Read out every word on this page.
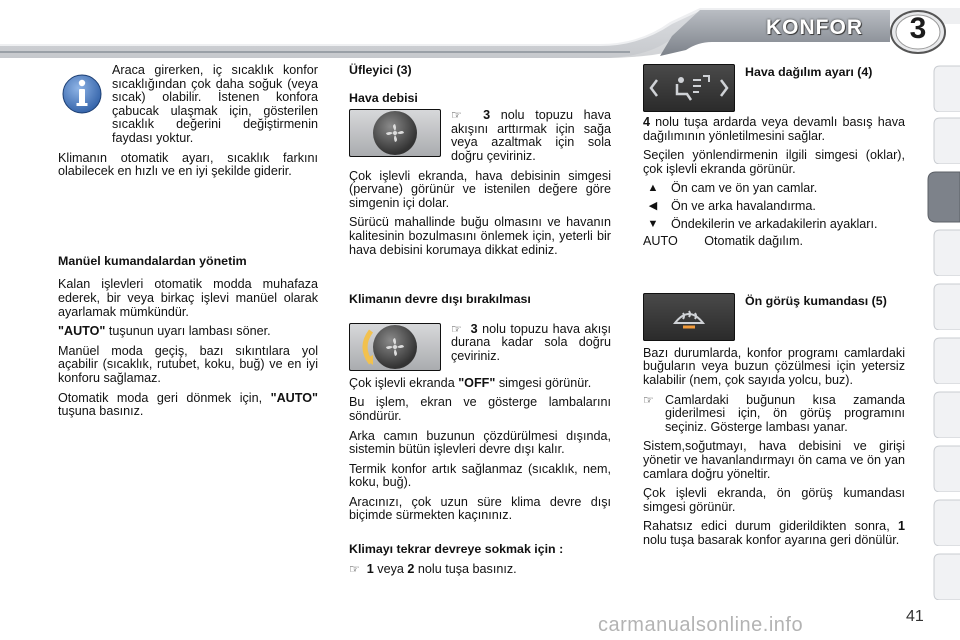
KONFOR	3

Araca girerken, iç sıcaklık konfor sıcaklığından çok daha soğuk (veya sıcak) olabilir. İstenen konfora çabucak ulaşmak için, gösterilen sıcaklık değerini değiştirmenin faydası yoktur.

Klimanın otomatik ayarı, sıcaklık farkını olabilecek en hızlı ve en iyi şekilde giderir.

Manüel kumandalardan yönetim

Kalan işlevleri otomatik modda muhafaza ederek, bir veya birkaç işlevi manüel olarak ayarlamak mümkündür.

"AUTO" tuşunun uyarı lambası söner.

Manüel moda geçiş, bazı sıkıntılara yol açabilir (sıcaklık, rutubet, koku, buğ) ve en iyi konforu sağlamaz.

Otomatik moda geri dönmek için, "AUTO" tuşuna basınız.

Üfleyici (3)
Hava debisi

☞ 3 nolu topuzu hava akışını arttırmak için sağa veya azaltmak için sola doğru çeviriniz.

Çok işlevli ekranda, hava debisinin simgesi (pervane) görünür ve istenilen değere göre simgenin içi dolar.

Sürücü mahallinde buğu olmasını ve havanın kalitesinin bozulmasını önlemek için, yeterli bir hava debisini korumaya dikkat ediniz.

Klimanın devre dışı bırakılması

☞ 3 nolu topuzu hava akışı durana kadar sola doğru çeviriniz.

Çok işlevli ekranda "OFF" simgesi görünür.

Bu işlem, ekran ve gösterge lambalarını söndürür.

Arka camın buzunun çözdürülmesi dışında, sistemin bütün işlevleri devre dışı kalır.

Termik konfor artık sağlanmaz (sıcaklık, nem, koku, buğ).

Aracınızı, çok uzun süre klima devre dışı biçimde sürmekten kaçınınız.

Klimayı tekrar devreye sokmak için :

☞ 1 veya 2 nolu tuşa basınız.

Hava dağılım ayarı (4)

4 nolu tuşa ardarda veya devamlı basış hava dağılımının yönletilmesini sağlar.

Seçilen yönlendirmenin ilgili simgesi (oklar), çok işlevli ekranda görünür.

▲ Ön cam ve ön yan camlar.
◀	Ön ve arka havalandırma.
▼ Öndekilerin ve arkadakilerin ayakları.
AUTO
Otomatik dağılım.
Ön görüş kumandası (5)

Bazı durumlarda, konfor programı camlardaki buğuların veya buzun çözülmesi için yetersiz kalabilir (nem, çok sayıda yolcu, buz).

☞ Camlardaki buğunun kısa zamanda giderilmesi için, ön görüş programını seçiniz. Gösterge lambası yanar.

Sistem,soğutmayı, hava debisini ve girişi yönetir ve havanlandırmayı ön cama ve ön yan camlara doğru yöneltir.

Çok işlevli ekranda, ön görüş kumandası simgesi görünür.

Rahatsız edici durum giderildikten sonra, 1 nolu tuşa basarak konfor ayarına geri dönülür.

carmanualsonline.info	41
